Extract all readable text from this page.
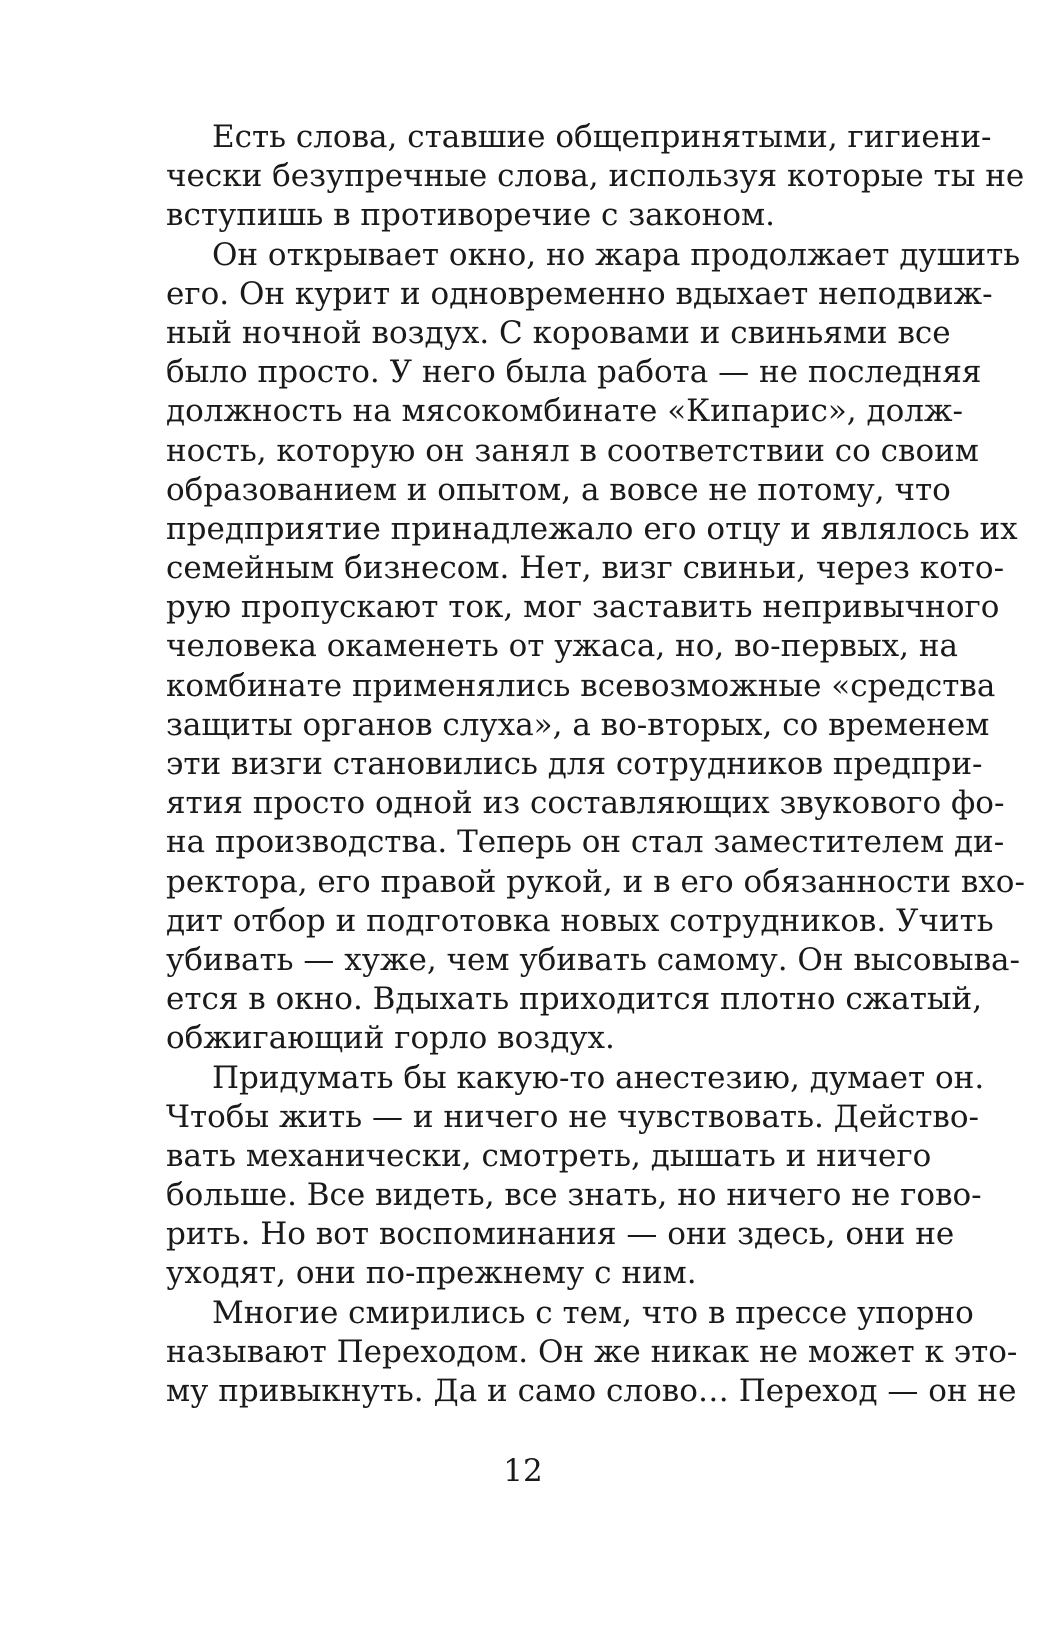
Есть слова, ставшие общепринятыми, гигиени-
чески безупречные слова, используя которые ты не
вступишь в противоречие с законом.
Он открывает окно, но жара продолжает душить
его. Он курит и одновременно вдыхает неподвиж-
ный ночной воздух. С коровами и свиньями все
было просто. У него была работа — не последняя
должность на мясокомбинате «Кипарис», долж-
ность, которую он занял в соответствии со своим
образованием и опытом, а вовсе не потому, что
предприятие принадлежало его отцу и являлось их
семейным бизнесом. Нет, визг свиньи, через кото-
рую пропускают ток, мог заставить непривычного
человека окаменеть от ужаса, но, во-первых, на
комбинате применялись всевозможные «средства
защиты органов слуха», а во-вторых, со временем
эти визги становились для сотрудников предпри-
ятия просто одной из составляющих звукового фо-
на производства. Теперь он стал заместителем ди-
ректора, его правой рукой, и в его обязанности вхо-
дит отбор и подготовка новых сотрудников. Учить
убивать — хуже, чем убивать самому. Он высовыва-
ется в окно. Вдыхать приходится плотно сжатый,
обжигающий горло воздух.
Придумать бы какую-то анестезию, думает он.
Чтобы жить — и ничего не чувствовать. Действо-
вать механически, смотреть, дышать и ничего
больше. Все видеть, все знать, но ничего не гово-
рить. Но вот воспоминания — они здесь, они не
уходят, они по-прежнему с ним.
Многие смирились с тем, что в прессе упорно
называют Переходом. Он же никак не может к это-
му привыкнуть. Да и само слово… Переход — он не
12
